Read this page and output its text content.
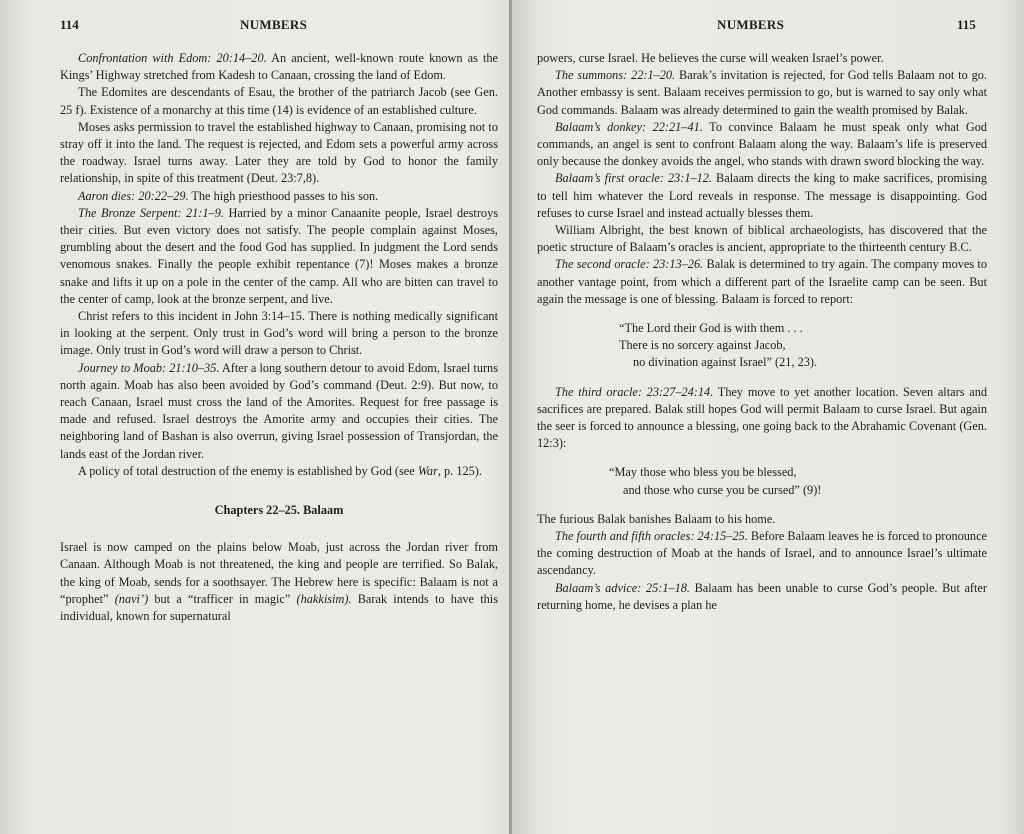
114	NUMBERS

Confrontation with Edom: 20:14–20. An ancient, well-known route known as the Kings’ Highway stretched from Kadesh to Canaan, crossing the land of Edom.

The Edomites are descendants of Esau, the brother of the patriarch Jacob (see Gen. 25 f). Existence of a monarchy at this time (14) is evidence of an established culture.

Moses asks permission to travel the established highway to Canaan, promising not to stray off it into the land. The request is rejected, and Edom sets a powerful army across the roadway. Israel turns away. Later they are told by God to honor the family relationship, in spite of this treatment (Deut. 23:7,8).

Aaron dies: 20:22–29. The high priesthood passes to his son.

The Bronze Serpent: 21:1–9. Harried by a minor Canaanite people, Israel destroys their cities. But even victory does not satisfy. The people complain against Moses, grumbling about the desert and the food God has supplied. In judgment the Lord sends venomous snakes. Finally the people exhibit repentance (7)! Moses makes a bronze snake and lifts it up on a pole in the center of the camp. All who are bitten can travel to the center of camp, look at the bronze serpent, and live.

Christ refers to this incident in John 3:14–15. There is nothing medically significant in looking at the serpent. Only trust in God’s word will bring a person to the bronze image. Only trust in God’s word will draw a person to Christ.

Journey to Moab: 21:10–35. After a long southern detour to avoid Edom, Israel turns north again. Moab has also been avoided by God’s command (Deut. 2:9). But now, to reach Canaan, Israel must cross the land of the Amorites. Request for free passage is made and refused. Israel destroys the Amorite army and occupies their cities. The neighboring land of Bashan is also overrun, giving Israel possession of Transjordan, the lands east of the Jordan river.

A policy of total destruction of the enemy is established by God (see War, p. 125).

Chapters 22–25. Balaam

Israel is now camped on the plains below Moab, just across the Jordan river from Canaan. Although Moab is not threatened, the king and people are terrified. So Balak, the king of Moab, sends for a soothsayer. The Hebrew here is specific: Balaam is not a “prophet” (navi’) but a “trafficer in magic” (hakkisim). Barak intends to have this individual, known for supernatural

NUMBERS	115

powers, curse Israel. He believes the curse will weaken Israel’s power.

The summons: 22:1–20. Barak’s invitation is rejected, for God tells Balaam not to go. Another embassy is sent. Balaam receives permission to go, but is warned to say only what God commands. Balaam was already determined to gain the wealth promised by Balak.

Balaam’s donkey: 22:21–41. To convince Balaam he must speak only what God commands, an angel is sent to confront Balaam along the way. Balaam’s life is preserved only because the donkey avoids the angel, who stands with drawn sword blocking the way.

Balaam’s first oracle: 23:1–12. Balaam directs the king to make sacrifices, promising to tell him whatever the Lord reveals in response. The message is disappointing. God refuses to curse Israel and instead actually blesses them.

William Albright, the best known of biblical archaeologists, has discovered that the poetic structure of Balaam’s oracles is ancient, appropriate to the thirteenth century B.C.

The second oracle: 23:13–26. Balak is determined to try again. The company moves to another vantage point, from which a different part of the Israelite camp can be seen. But again the message is one of blessing. Balaam is forced to report:

“The Lord their God is with them . . .
There is no sorcery against Jacob,
no divination against Israel” (21, 23).

The third oracle: 23:27–24:14. They move to yet another location. Seven altars and sacrifices are prepared. Balak still hopes God will permit Balaam to curse Israel. But again the seer is forced to announce a blessing, one going back to the Abrahamic Covenant (Gen. 12:3):

“May those who bless you be blessed,
and those who curse you be cursed” (9)!

The furious Balak banishes Balaam to his home.

The fourth and fifth oracles: 24:15–25. Before Balaam leaves he is forced to pronounce the coming destruction of Moab at the hands of Israel, and to announce Israel’s ultimate ascendancy.

Balaam’s advice: 25:1–18. Balaam has been unable to curse God’s people. But after returning home, he devises a plan he
